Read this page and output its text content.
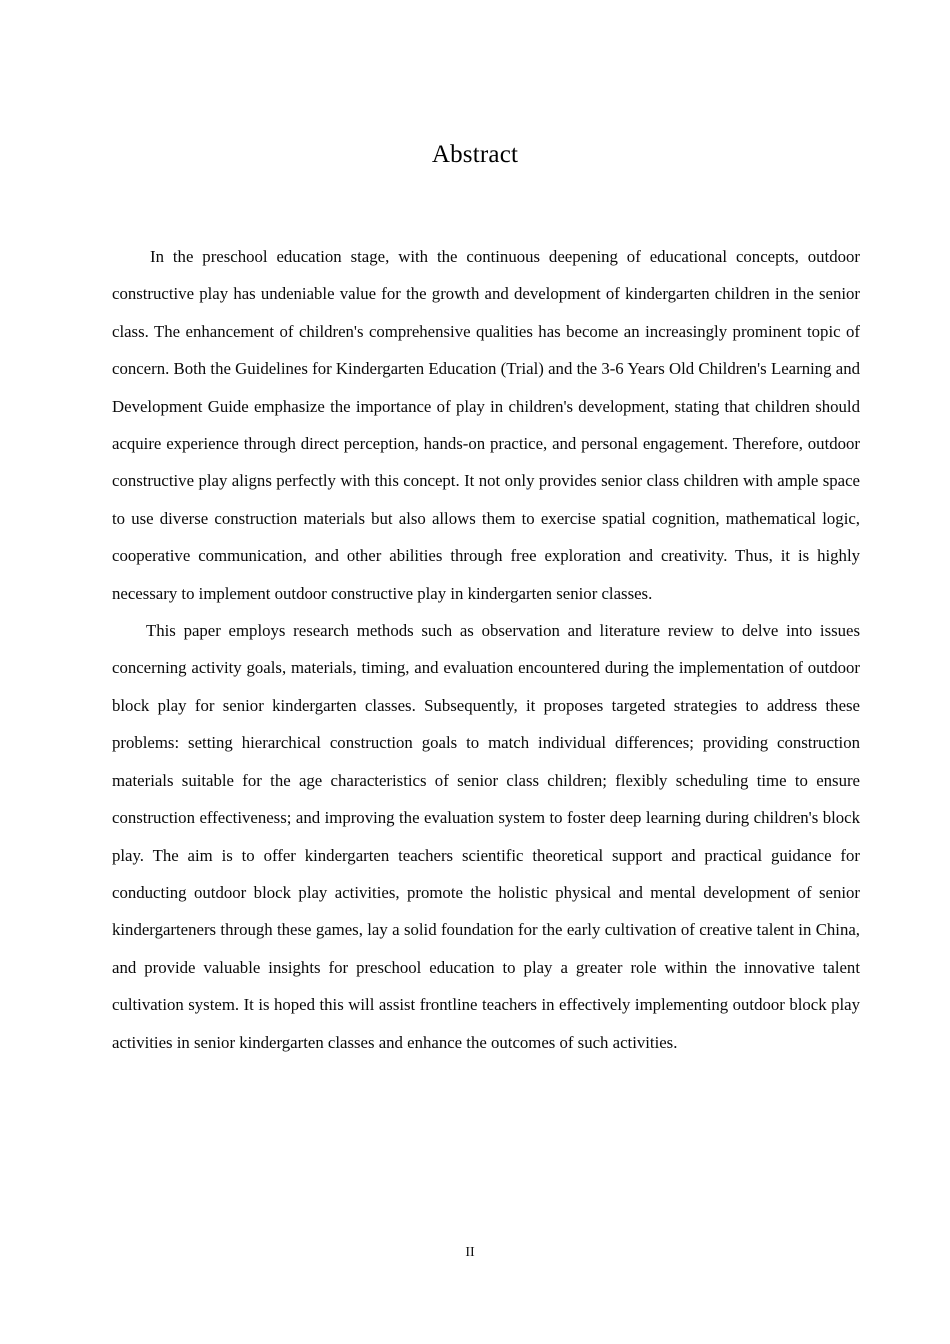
Abstract

In the preschool education stage, with the continuous deepening of educational concepts, outdoor constructive play has undeniable value for the growth and development of kindergarten children in the senior class. The enhancement of children's comprehensive qualities has become an increasingly prominent topic of concern. Both the Guidelines for Kindergarten Education (Trial) and the 3-6 Years Old Children's Learning and Development Guide emphasize the importance of play in children's development, stating that children should acquire experience through direct perception, hands-on practice, and personal engagement. Therefore, outdoor constructive play aligns perfectly with this concept. It not only provides senior class children with ample space to use diverse construction materials but also allows them to exercise spatial cognition, mathematical logic, cooperative communication, and other abilities through free exploration and creativity. Thus, it is highly necessary to implement outdoor constructive play in kindergarten senior classes.

This paper employs research methods such as observation and literature review to delve into issues concerning activity goals, materials, timing, and evaluation encountered during the implementation of outdoor block play for senior kindergarten classes. Subsequently, it proposes targeted strategies to address these problems: setting hierarchical construction goals to match individual differences; providing construction materials suitable for the age characteristics of senior class children; flexibly scheduling time to ensure construction effectiveness; and improving the evaluation system to foster deep learning during children's block play. The aim is to offer kindergarten teachers scientific theoretical support and practical guidance for conducting outdoor block play activities, promote the holistic physical and mental development of senior kindergarteners through these games, lay a solid foundation for the early cultivation of creative talent in China, and provide valuable insights for preschool education to play a greater role within the innovative talent cultivation system. It is hoped this will assist frontline teachers in effectively implementing outdoor block play activities in senior kindergarten classes and enhance the outcomes of such activities.

II
